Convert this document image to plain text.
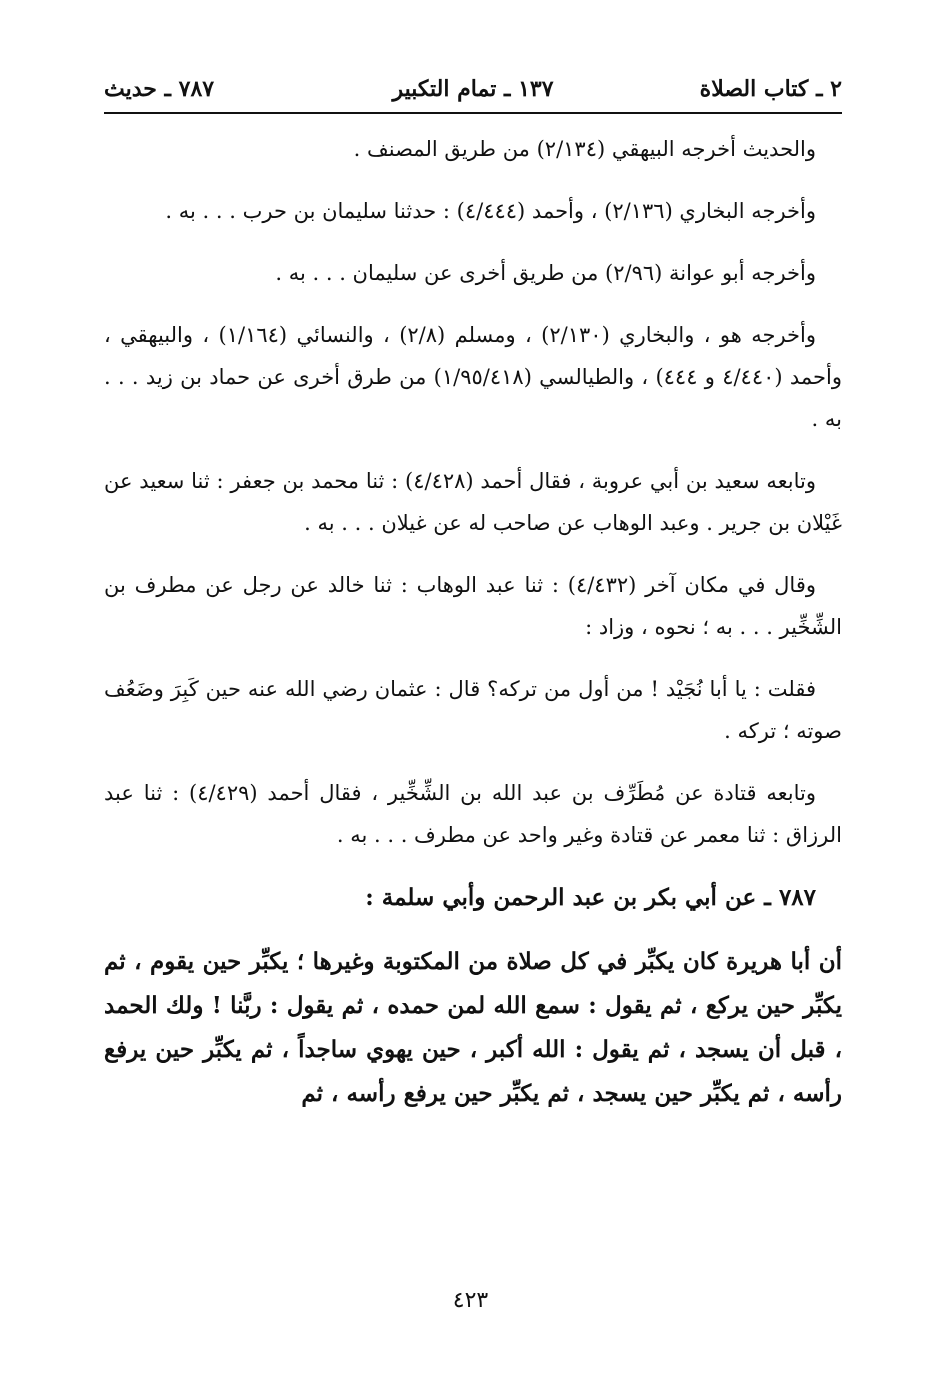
٢ ـ كتاب الصلاة
١٣٧ ـ تمام التكبير
٧٨٧ ـ حديث

والحديث أخرجه البيهقي (٢/١٣٤) من طريق المصنف .

وأخرجه البخاري (٢/١٣٦) ، وأحمد (٤/٤٤٤) : حدثنا سليمان بن حرب . . . به .

وأخرجه أبو عوانة (٢/٩٦) من طريق أخرى عن سليمان . . . به .

وأخرجه هو ، والبخاري (٢/١٣٠) ، ومسلم (٢/٨) ، والنسائي (١/١٦٤) ، والبيهقي ، وأحمد (٤/٤٤٠ و ٤٤٤) ، والطيالسي (١/٩٥/٤١٨) من طرق أخرى عن حماد بن زيد . . . به .

وتابعه سعيد بن أبي عروبة ، فقال أحمد (٤/٤٢٨) : ثنا محمد بن جعفر : ثنا سعيد عن غَيْلان بن جرير . وعبد الوهاب عن صاحب له عن غيلان . . . به .

وقال في مكان آخر (٤/٤٣٢) : ثنا عبد الوهاب : ثنا خالد عن رجل عن مطرف بن الشِّخِّير . . . به ؛ نحوه ، وزاد :

فقلت : يا أبا نُجَيْد ! من أول من تركه؟ قال : عثمان رضي الله عنه حين كَبِرَ وضَعُف صوته ؛ تركه .

وتابعه قتادة عن مُطَرِّف بن عبد الله بن الشِّخِّير ، فقال أحمد (٤/٤٢٩) : ثنا عبد الرزاق : ثنا معمر عن قتادة وغير واحد عن مطرف . . . به .

٧٨٧ ـ عن أبي بكر بن عبد الرحمن وأبي سلمة :

أن أبا هريرة كان يكبِّر في كل صلاة من المكتوبة وغيرها ؛ يكبِّر حين يقوم ، ثم يكبِّر حين يركع ، ثم يقول : سمع الله لمن حمده ، ثم يقول : ربَّنا ! ولك الحمد ، قبل أن يسجد ، ثم يقول : الله أكبر ، حين يهوي ساجداً ، ثم يكبِّر حين يرفع رأسه ، ثم يكبِّر حين يسجد ، ثم يكبِّر حين يرفع رأسه ، ثم

٤٢٣
